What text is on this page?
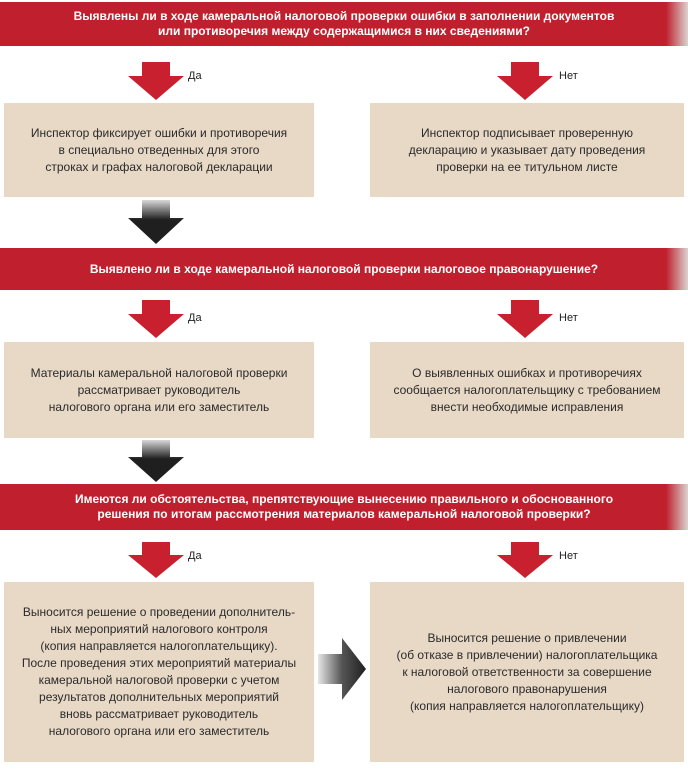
Выявлены ли в ходе камеральной налоговой проверки ошибки в заполнении документов
или противоречия между содержащимися в них сведениями?
Да	Нет
Инспектор фиксирует ошибки и противоречия
в специально отведенных для этого
строках и графах налоговой декларации
Инспектор подписывает проверенную
декларацию и указывает дату проведения
проверки на ее титульном листе
Выявлено ли в ходе камеральной налоговой проверки налоговое правонарушение?
Да	Нет
Материалы камеральной налоговой проверки
рассматривает руководитель
налогового органа или его заместитель
О выявленных ошибках и противоречиях
сообщается налогоплательщику с требованием
внести необходимые исправления
Имеются ли обстоятельства, препятствующие вынесению правильного и обоснованного
решения по итогам рассмотрения материалов камеральной налоговой проверки?
Да	Нет
Выносится решение о проведении дополнитель-
ных мероприятий налогового контроля
(копия направляется налогоплательщику).
После проведения этих мероприятий материалы
камеральной налоговой проверки с учетом
результатов дополнительных мероприятий
вновь рассматривает руководитель
налогового органа или его заместитель
Выносится решение о привлечении
(об отказе в привлечении) налогоплательщика
к налоговой ответственности за совершение
налогового правонарушения
(копия направляется налогоплательщику)
